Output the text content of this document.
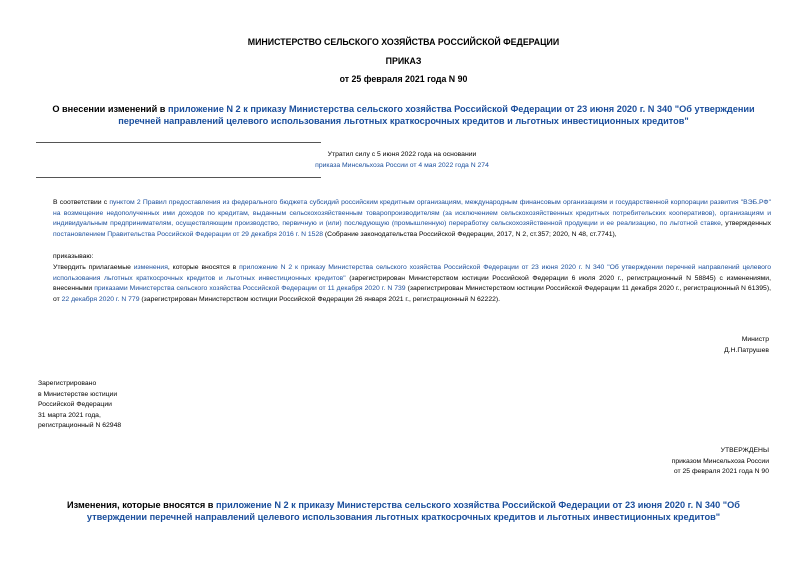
МИНИСТЕРСТВО СЕЛЬСКОГО ХОЗЯЙСТВА РОССИЙСКОЙ ФЕДЕРАЦИИ
ПРИКАЗ
от 25 февраля 2021 года N 90
О внесении изменений в приложение N 2 к приказу Министерства сельского хозяйства Российской Федерации от 23 июня 2020 г. N 340 "Об утверждении перечней направлений целевого использования льготных краткосрочных кредитов и льготных инвестиционных кредитов"
Утратил силу с 5 июня 2022 года на основании
приказа Минсельхоза России от 4 мая 2022 года N 274
В соответствии с пунктом 2 Правил предоставления из федерального бюджета субсидий российским кредитным организациям, международным финансовым организациям и государственной корпорации развития "ВЭБ.РФ" на возмещение недополученных ими доходов по кредитам, выданным сельскохозяйственным товаропроизводителям (за исключением сельскохозяйственных кредитных потребительских кооперативов), организациям и индивидуальным предпринимателям, осуществляющим производство, первичную и (или) последующую (промышленную) переработку сельскохозяйственной продукции и ее реализацию, по льготной ставке, утвержденных постановлением Правительства Российской Федерации от 29 декабря 2016 г. N 1528 (Собрание законодательства Российской Федерации, 2017, N 2, ст.357; 2020, N 48, ст.7741),
приказываю:
Утвердить прилагаемые изменения, которые вносятся в приложение N 2 к приказу Министерства сельского хозяйства Российской Федерации от 23 июня 2020 г. N 340 "Об утверждении перечней направлений целевого использования льготных краткосрочных кредитов и льготных инвестиционных кредитов" (зарегистрирован Министерством юстиции Российской Федерации 6 июля 2020 г., регистрационный N 58845) с изменениями, внесенными приказами Министерства сельского хозяйства Российской Федерации от 11 декабря 2020 г. N 739 (зарегистрирован Министерством юстиции Российской Федерации 11 декабря 2020 г., регистрационный N 61395), от 22 декабря 2020 г. N 779 (зарегистрирован Министерством юстиции Российской Федерации 26 января 2021 г., регистрационный N 62222).
Министр
Д.Н.Патрушев
Зарегистрировано
в Министерстве юстиции
Российской Федерации
31 марта 2021 года,
регистрационный N 62948
УТВЕРЖДЕНЫ
приказом Минсельхоза России
от 25 февраля 2021 года N 90
Изменения, которые вносятся в приложение N 2 к приказу Министерства сельского хозяйства Российской Федерации от 23 июня 2020 г. N 340 "Об утверждении перечней направлений целевого использования льготных краткосрочных кредитов и льготных инвестиционных кредитов"
